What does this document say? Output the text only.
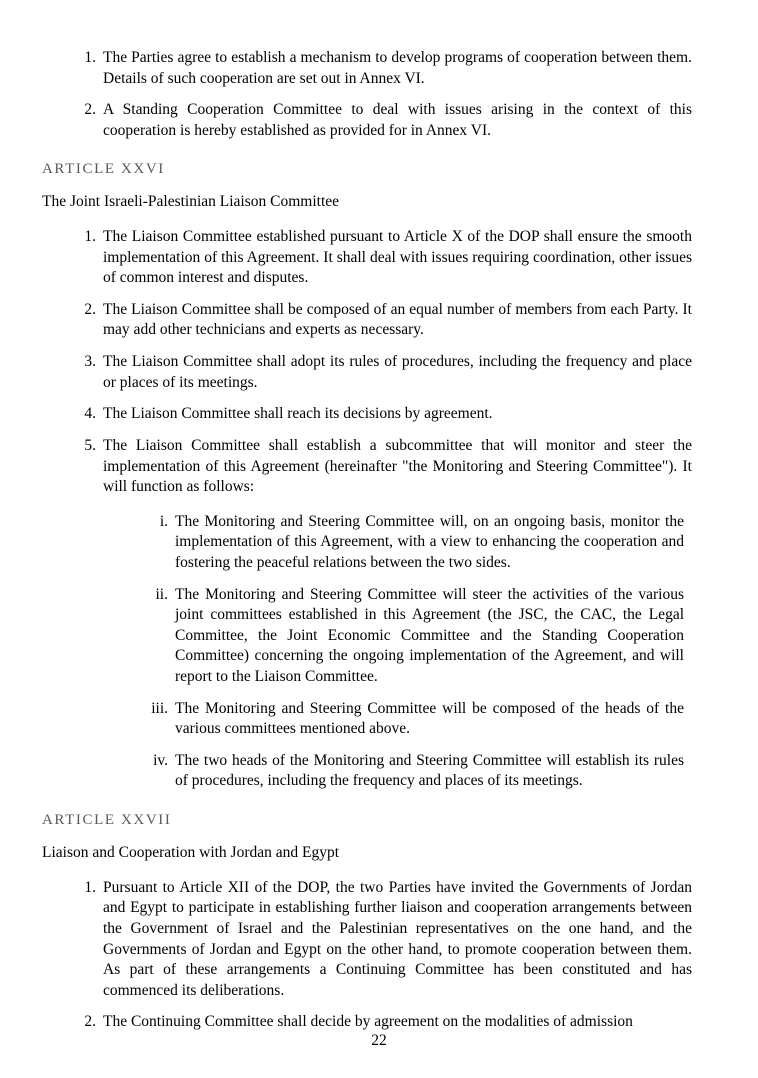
1. The Parties agree to establish a mechanism to develop programs of cooperation between them. Details of such cooperation are set out in Annex VI.
2. A Standing Cooperation Committee to deal with issues arising in the context of this cooperation is hereby established as provided for in Annex VI.
ARTICLE XXVI
The Joint Israeli-Palestinian Liaison Committee
1. The Liaison Committee established pursuant to Article X of the DOP shall ensure the smooth implementation of this Agreement. It shall deal with issues requiring coordination, other issues of common interest and disputes.
2. The Liaison Committee shall be composed of an equal number of members from each Party. It may add other technicians and experts as necessary.
3. The Liaison Committee shall adopt its rules of procedures, including the frequency and place or places of its meetings.
4. The Liaison Committee shall reach its decisions by agreement.
5. The Liaison Committee shall establish a subcommittee that will monitor and steer the implementation of this Agreement (hereinafter "the Monitoring and Steering Committee"). It will function as follows:
i. The Monitoring and Steering Committee will, on an ongoing basis, monitor the implementation of this Agreement, with a view to enhancing the cooperation and fostering the peaceful relations between the two sides.
ii. The Monitoring and Steering Committee will steer the activities of the various joint committees established in this Agreement (the JSC, the CAC, the Legal Committee, the Joint Economic Committee and the Standing Cooperation Committee) concerning the ongoing implementation of the Agreement, and will report to the Liaison Committee.
iii. The Monitoring and Steering Committee will be composed of the heads of the various committees mentioned above.
iv. The two heads of the Monitoring and Steering Committee will establish its rules of procedures, including the frequency and places of its meetings.
ARTICLE XXVII
Liaison and Cooperation with Jordan and Egypt
1. Pursuant to Article XII of the DOP, the two Parties have invited the Governments of Jordan and Egypt to participate in establishing further liaison and cooperation arrangements between the Government of Israel and the Palestinian representatives on the one hand, and the Governments of Jordan and Egypt on the other hand, to promote cooperation between them. As part of these arrangements a Continuing Committee has been constituted and has commenced its deliberations.
2. The Continuing Committee shall decide by agreement on the modalities of admission
22
